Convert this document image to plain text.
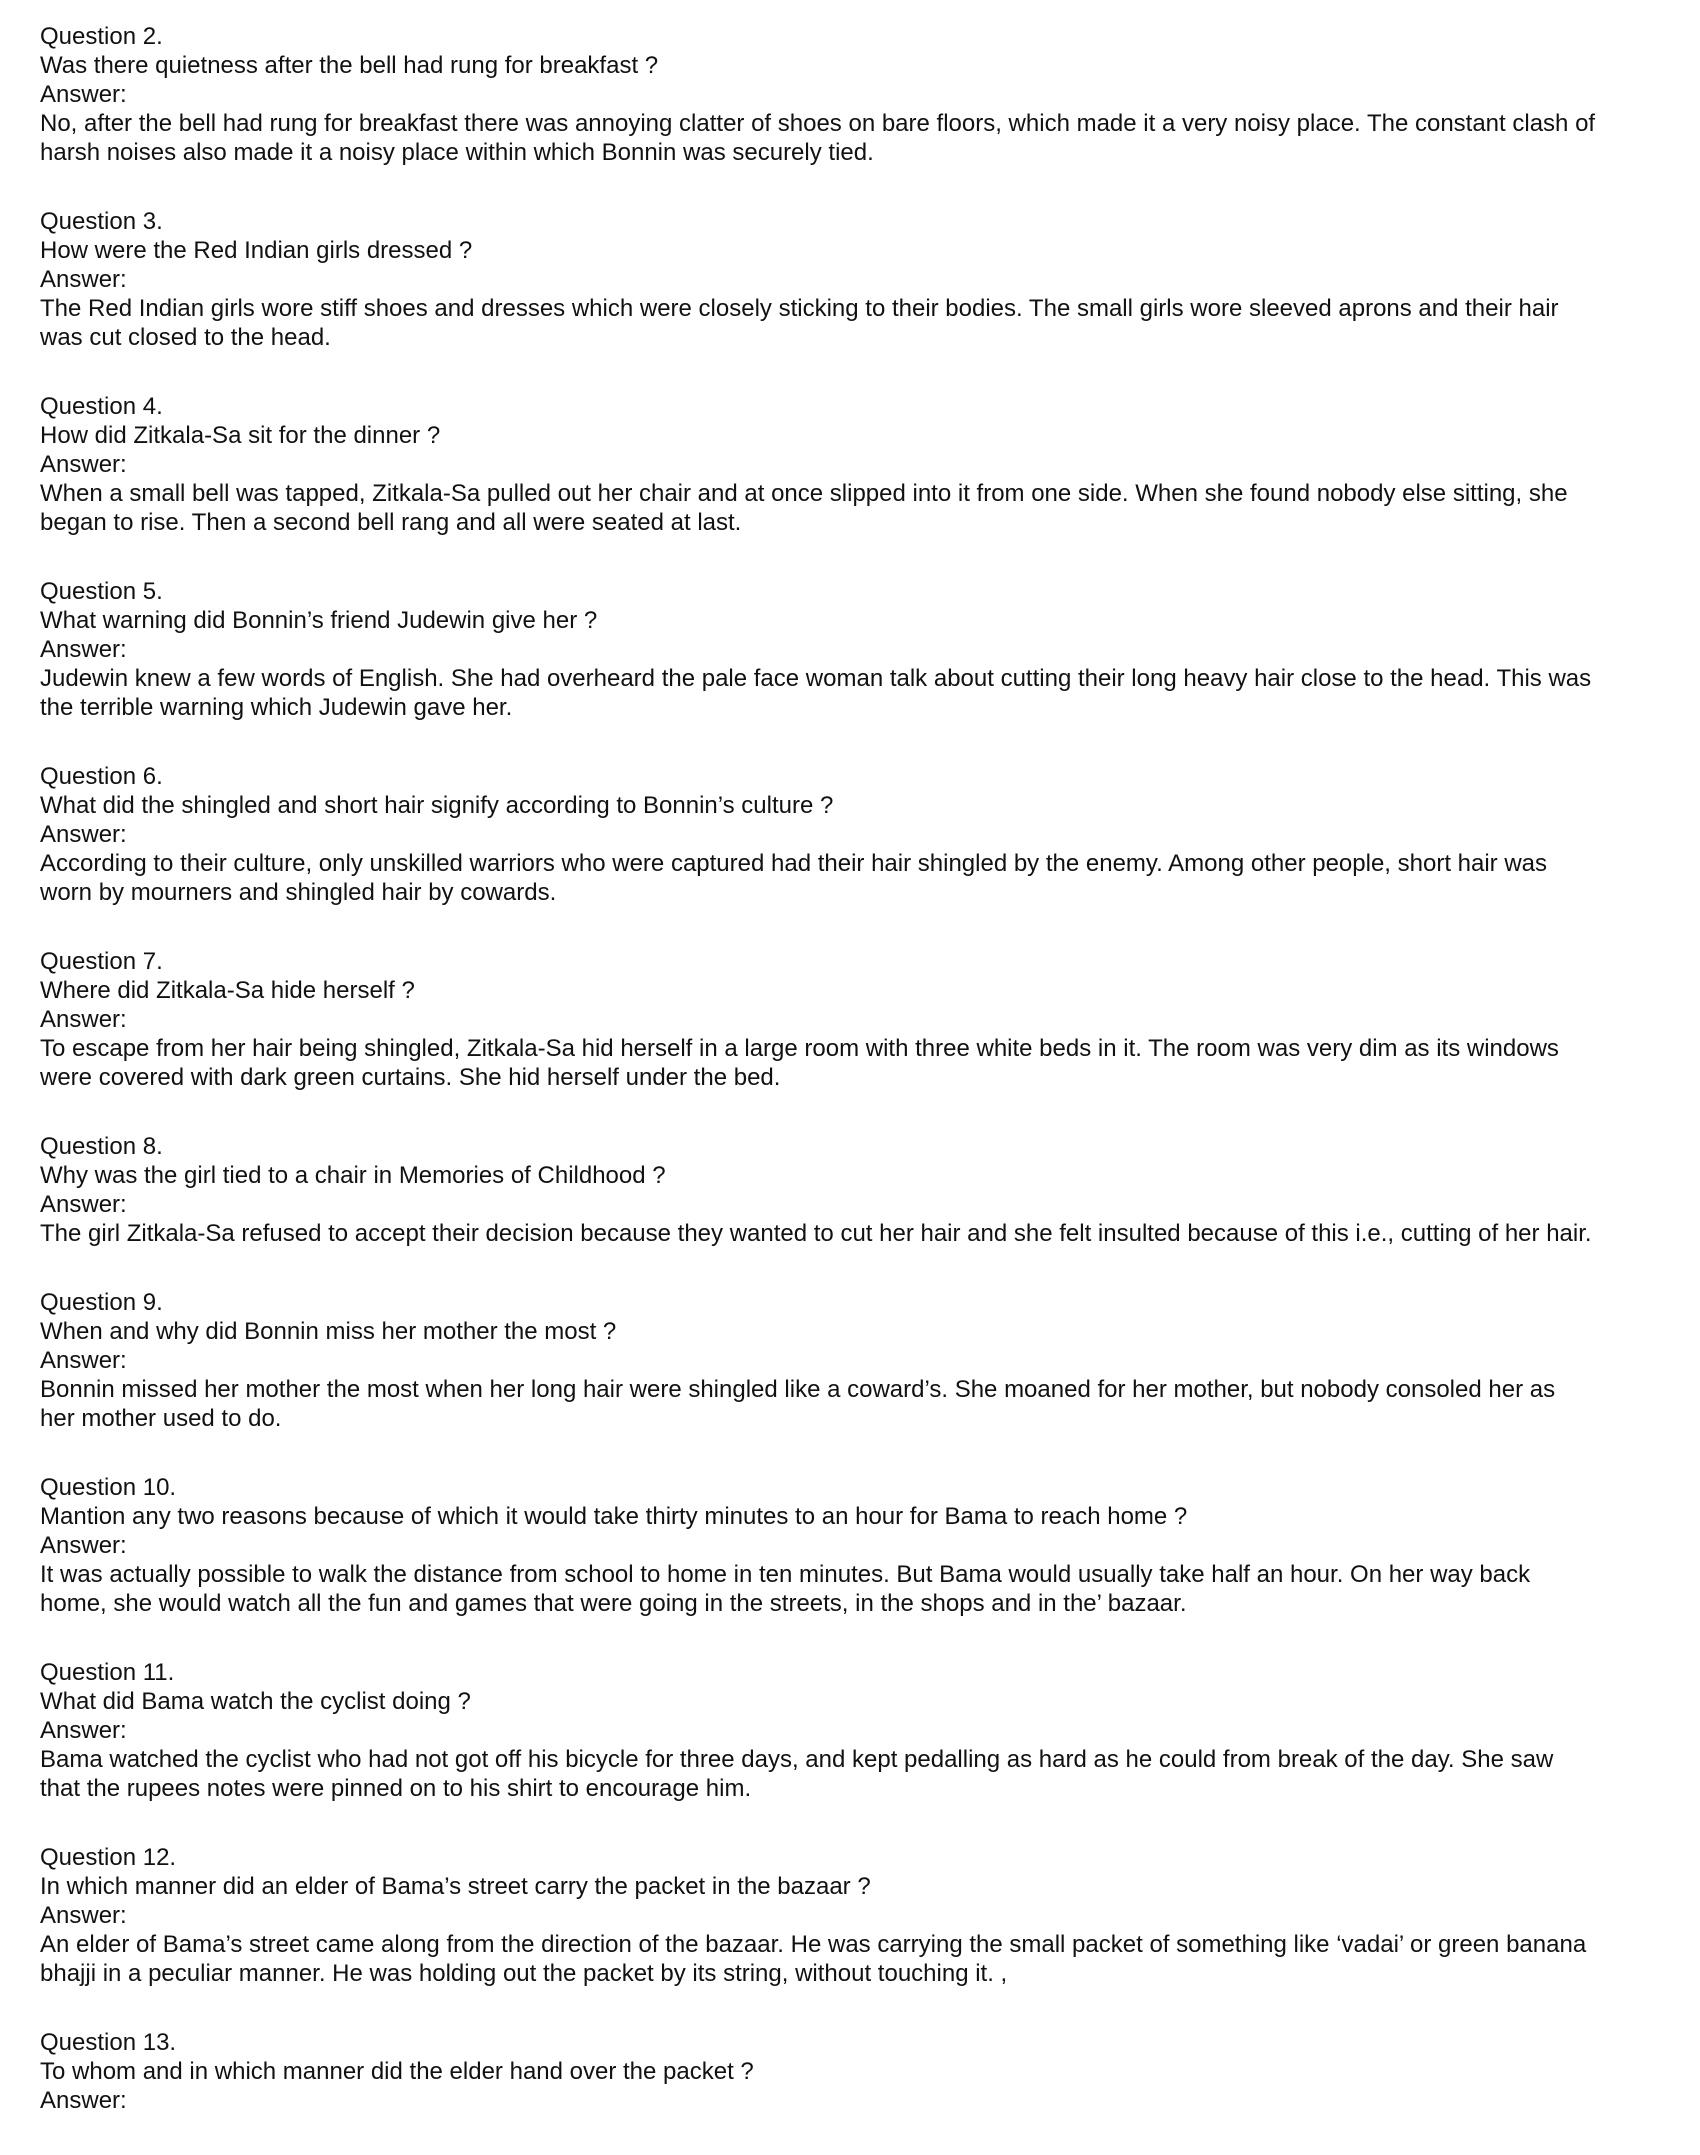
Question 2.
Was there quietness after the bell had rung for breakfast ?
Answer:
No, after the bell had rung for breakfast there was annoying clatter of shoes on bare floors, which made it a very noisy place. The constant clash of
harsh noises also made it a noisy place within which Bonnin was securely tied.
Question 3.
How were the Red Indian girls dressed ?
Answer:
The Red Indian girls wore stiff shoes and dresses which were closely sticking to their bodies. The small girls wore sleeved aprons and their hair
was cut closed to the head.
Question 4.
How did Zitkala-Sa sit for the dinner ?
Answer:
When a small bell was tapped, Zitkala-Sa pulled out her chair and at once slipped into it from one side. When she found nobody else sitting, she
began to rise. Then a second bell rang and all were seated at last.
Question 5.
What warning did Bonnin’s friend Judewin give her ?
Answer:
Judewin knew a few words of English. She had overheard the pale face woman talk about cutting their long heavy hair close to the head. This was
the terrible warning which Judewin gave her.
Question 6.
What did the shingled and short hair signify according to Bonnin’s culture ?
Answer:
According to their culture, only unskilled warriors who were captured had their hair shingled by the enemy. Among other people, short hair was
worn by mourners and shingled hair by cowards.
Question 7.
Where did Zitkala-Sa hide herself ?
Answer:
To escape from her hair being shingled, Zitkala-Sa hid herself in a large room with three white beds in it. The room was very dim as its windows
were covered with dark green curtains. She hid herself under the bed.
Question 8.
Why was the girl tied to a chair in Memories of Childhood ?
Answer:
The girl Zitkala-Sa refused to accept their decision because they wanted to cut her hair and she felt insulted because of this i.e., cutting of her hair.
Question 9.
When and why did Bonnin miss her mother the most ?
Answer:
Bonnin missed her mother the most when her long hair were shingled like a coward’s. She moaned for her mother, but nobody consoled her as
her mother used to do.
Question 10.
Mantion any two reasons because of which it would take thirty minutes to an hour for Bama to reach home ?
Answer:
It was actually possible to walk the distance from school to home in ten minutes. But Bama would usually take half an hour. On her way back
home, she would watch all the fun and games that were going in the streets, in the shops and in the’ bazaar.
Question 11.
What did Bama watch the cyclist doing ?
Answer:
Bama watched the cyclist who had not got off his bicycle for three days, and kept pedalling as hard as he could from break of the day. She saw
that the rupees notes were pinned on to his shirt to encourage him.
Question 12.
In which manner did an elder of Bama’s street carry the packet in the bazaar ?
Answer:
An elder of Bama’s street came along from the direction of the bazaar. He was carrying the small packet of something like ‘vadai’ or green banana
bhajji in a peculiar manner. He was holding out the packet by its string, without touching it. ,
Question 13.
To whom and in which manner did the elder hand over the packet ?
Answer:
